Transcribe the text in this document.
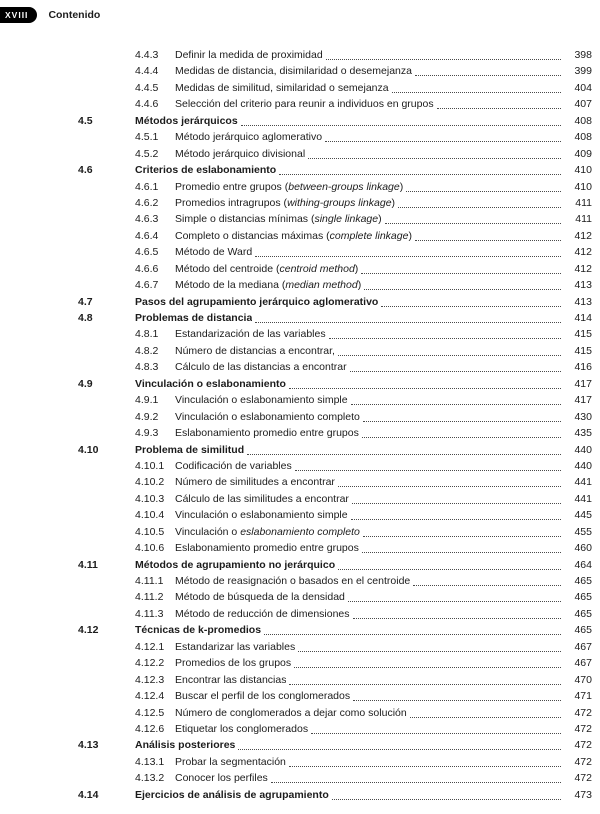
XVIII	Contenido
4.4.3	Definir la medida de proximidad	398
4.4.4	Medidas de distancia, disimilaridad o desemejanza	399
4.4.5	Medidas de similitud, similaridad o semejanza	404
4.4.6	Selección del criterio para reunir a individuos en grupos	407
4.5	Métodos jerárquicos	408
4.5.1	Método jerárquico aglomerativo	408
4.5.2	Método jerárquico divisional	409
4.6	Criterios de eslabonamiento	410
4.6.1	Promedio entre grupos (between-groups linkage)	410
4.6.2	Promedios intragrupos (withing-groups linkage)	411
4.6.3	Simple o distancias mínimas (single linkage)	411
4.6.4	Completo o distancias máximas (complete linkage)	412
4.6.5	Método de Ward	412
4.6.6	Método del centroide (centroid method)	412
4.6.7	Método de la mediana (median method)	413
4.7	Pasos del agrupamiento jerárquico aglomerativo	413
4.8	Problemas de distancia	414
4.8.1	Estandarización de las variables	415
4.8.2	Número de distancias a encontrar,	415
4.8.3	Cálculo de las distancias a encontrar	416
4.9	Vinculación o eslabonamiento	417
4.9.1	Vinculación o eslabonamiento simple	417
4.9.2	Vinculación o eslabonamiento completo	430
4.9.3	Eslabonamiento promedio entre grupos	435
4.10	Problema de similitud	440
4.10.1	Codificación de variables	440
4.10.2	Número de similitudes a encontrar	441
4.10.3	Cálculo de las similitudes a encontrar	441
4.10.4	Vinculación o eslabonamiento simple	445
4.10.5	Vinculación o eslabonamiento completo	455
4.10.6	Eslabonamiento promedio entre grupos	460
4.11	Métodos de agrupamiento no jerárquico	464
4.11.1	Método de reasignación o basados en el centroide	465
4.11.2	Método de búsqueda de la densidad	465
4.11.3	Método de reducción de dimensiones	465
4.12	Técnicas de k-promedios	465
4.12.1	Estandarizar las variables	467
4.12.2	Promedios de los grupos	467
4.12.3	Encontrar las distancias	470
4.12.4	Buscar el perfil de los conglomerados	471
4.12.5	Número de conglomerados a dejar como solución	472
4.12.6	Etiquetar los conglomerados	472
4.13	Análisis posteriores	472
4.13.1	Probar la segmentación	472
4.13.2	Conocer los perfiles	472
4.14	Ejercicios de análisis de agrupamiento	473
